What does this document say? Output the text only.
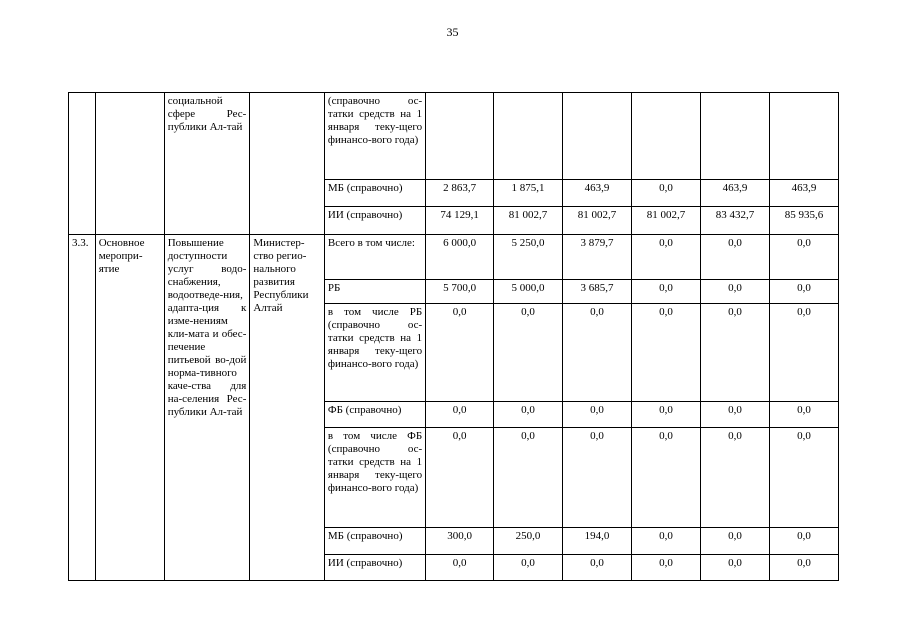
35
		социальной сфере Рес-публики Ал-тай		(справочно ос-татки средств на 1 января теку-щего финансо-вого года)						
				МБ (справочно)	2 863,7	1 875,1	463,9	0,0	463,9	463,9
				ИИ (справочно)	74 129,1	81 002,7	81 002,7	81 002,7	83 432,7	85 935,6
3.3.	Основное меропри-ятие	Повышение доступности услуг водо-снабжения, водоотведе-ния, адапта-ция к изме-нениям кли-мата и обес-печение питьевой во-дой норма-тивного каче-ства для на-селения Рес-публики Ал-тай	Министер-ство регио-нального развития Республики Алтай	Всего в том числе:	6 000,0	5 250,0	3 879,7	0,0	0,0	0,0
				РБ	5 700,0	5 000,0	3 685,7	0,0	0,0	0,0
				в том числе РБ (справочно ос-татки средств на 1 января теку-щего финансо-вого года)	0,0	0,0	0,0	0,0	0,0	0,0
				ФБ (справочно)	0,0	0,0	0,0	0,0	0,0	0,0
				в том числе ФБ (справочно ос-татки средств на 1 января теку-щего финансо-вого года)	0,0	0,0	0,0	0,0	0,0	0,0
				МБ (справочно)	300,0	250,0	194,0	0,0	0,0	0,0
				ИИ (справочно)	0,0	0,0	0,0	0,0	0,0	0,0
